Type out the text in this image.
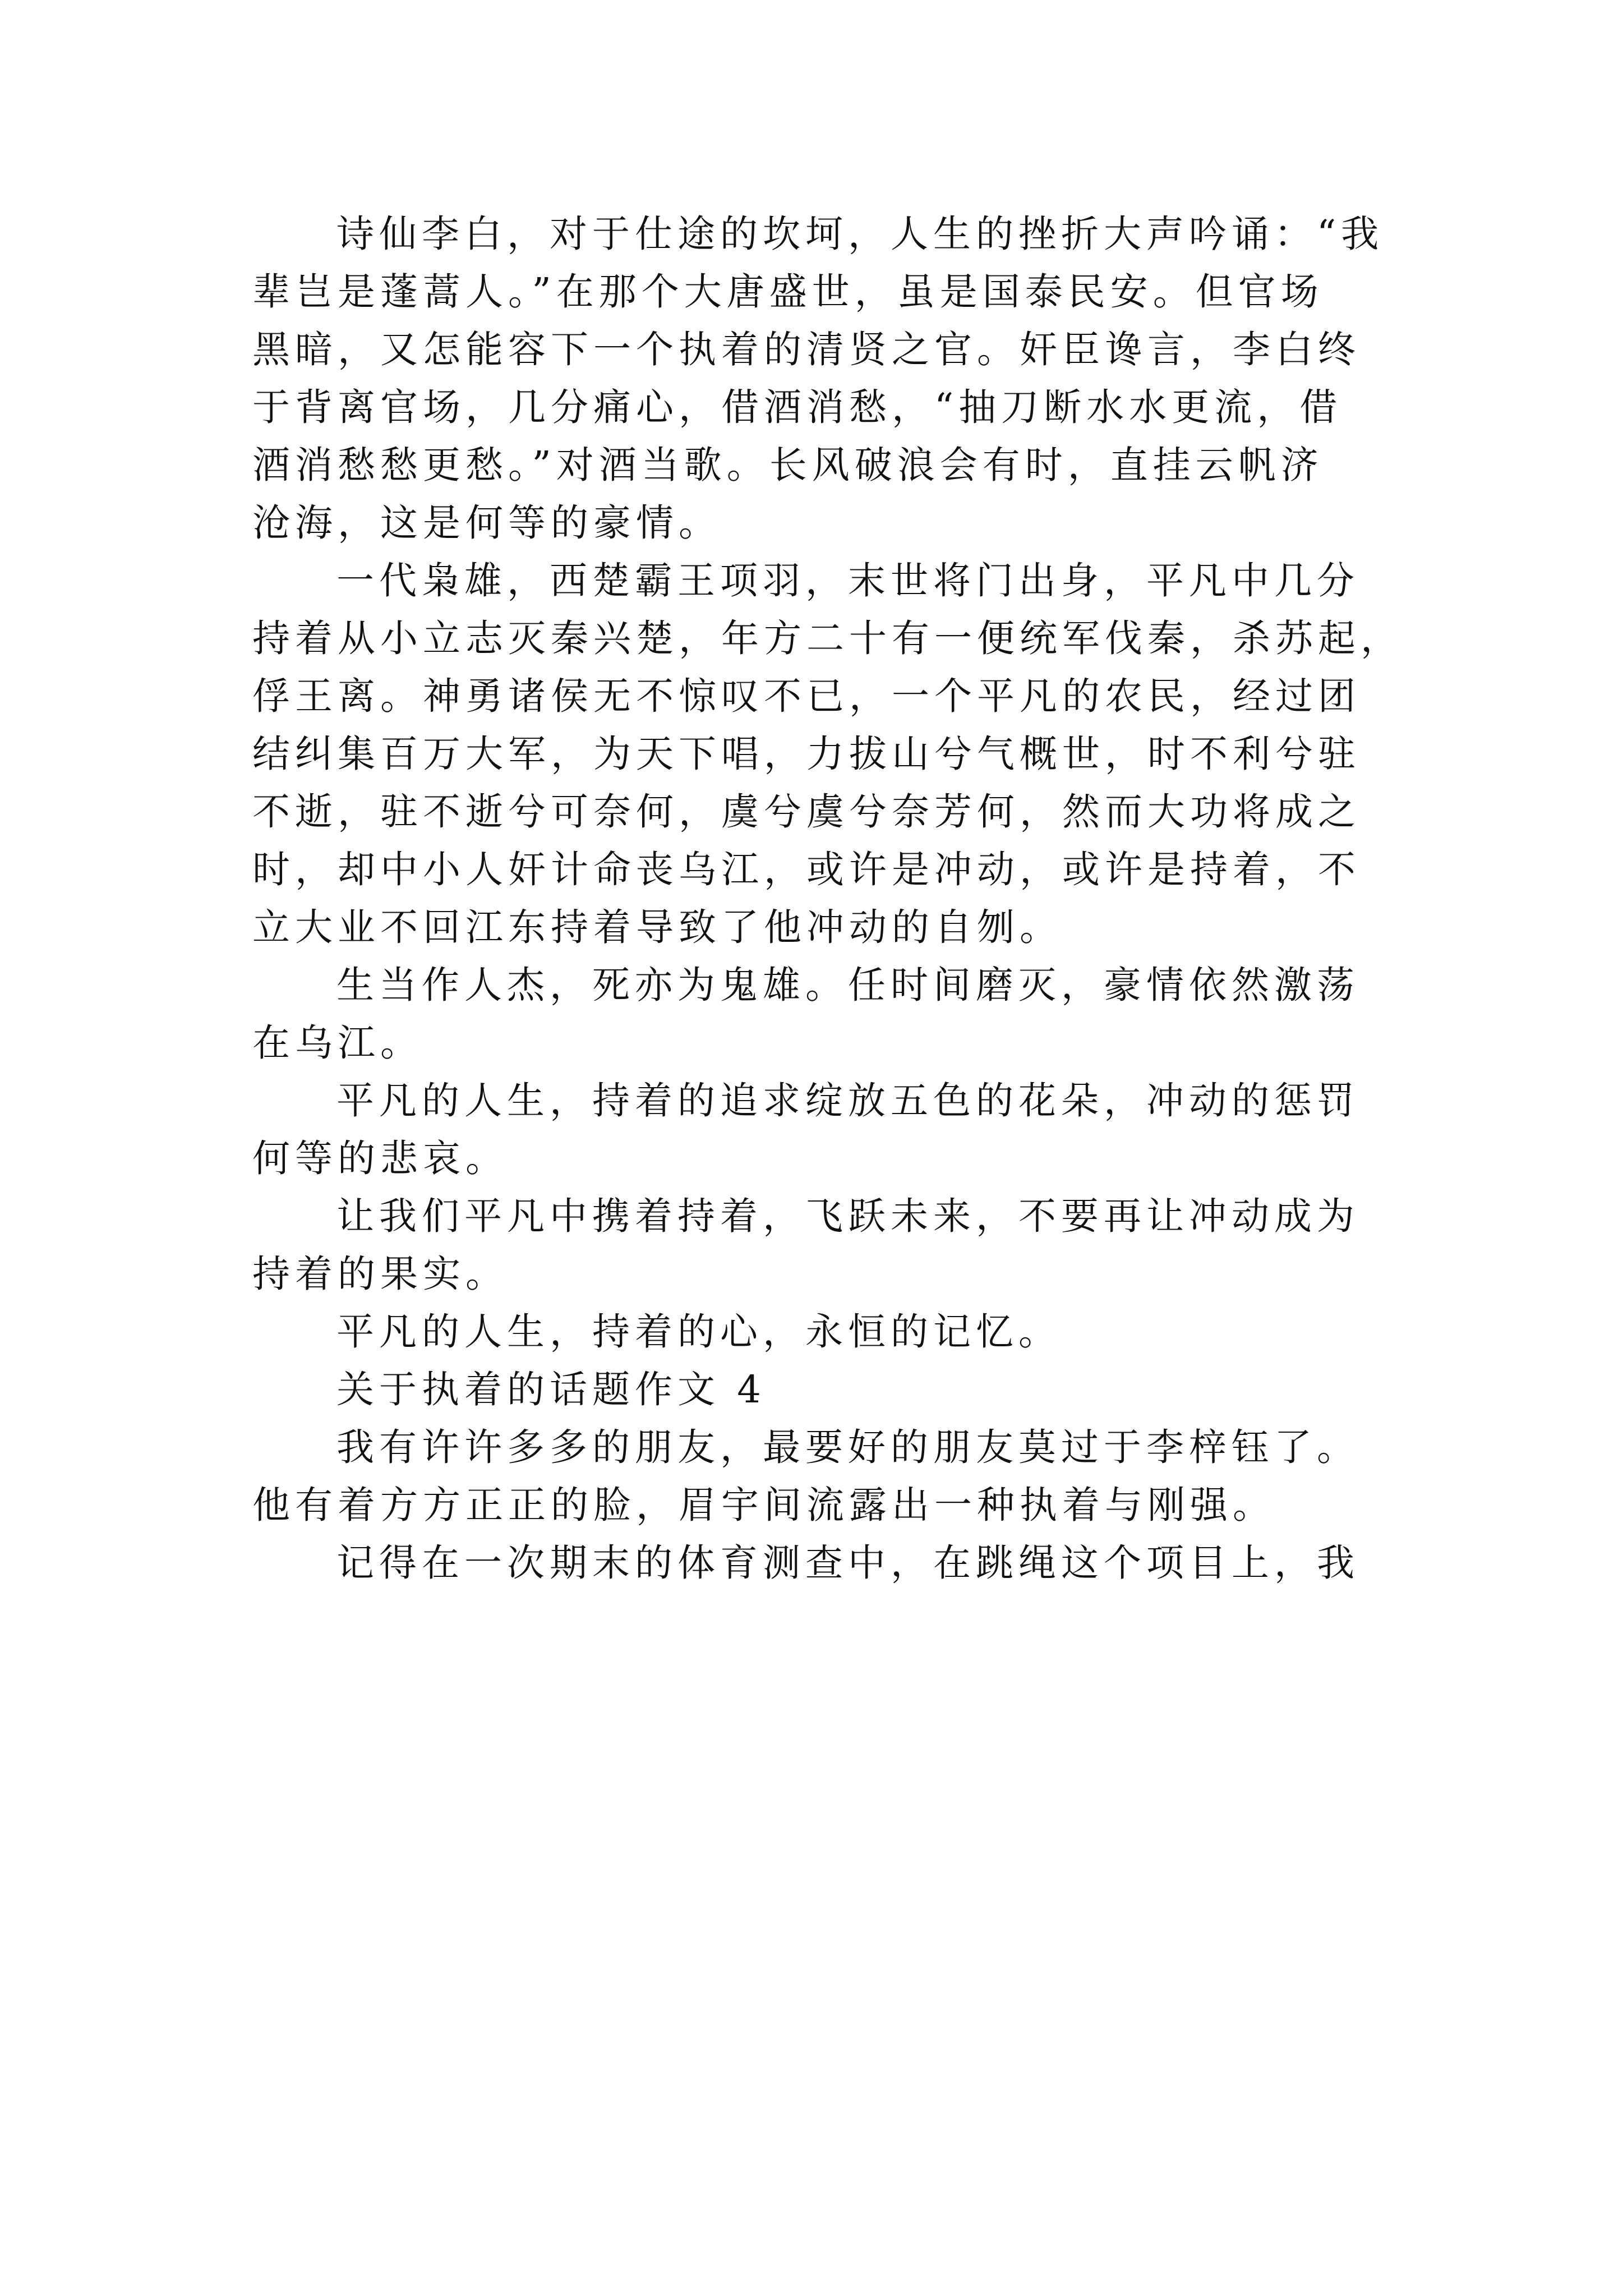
诗仙李白，对于仕途的坎坷，人生的挫折大声吟诵：“我
辈岂是蓬蒿人。”在那个大唐盛世，虽是国泰民安。但官场
黑暗，又怎能容下一个执着的清贤之官。奸臣谗言，李白终
于背离官场，几分痛心，借酒消愁，“抽刀断水水更流，借
酒消愁愁更愁。”对酒当歌。长风破浪会有时，直挂云帆济
沧海，这是何等的豪情。
一代枭雄，西楚霸王项羽，末世将门出身，平凡中几分
持着从小立志灭秦兴楚，年方二十有一便统军伐秦，杀苏起，
俘王离。神勇诸侯无不惊叹不已，一个平凡的农民，经过团
结纠集百万大军，为天下唱，力拔山兮气概世，时不利兮驻
不逝，驻不逝兮可奈何，虞兮虞兮奈芳何，然而大功将成之
时，却中小人奸计命丧乌江，或许是冲动，或许是持着，不
立大业不回江东持着导致了他冲动的自刎。
生当作人杰，死亦为鬼雄。任时间磨灭，豪情依然激荡
在乌江。
平凡的人生，持着的追求绽放五色的花朵，冲动的惩罚
何等的悲哀。
让我们平凡中携着持着，飞跃未来，不要再让冲动成为
持着的果实。
平凡的人生，持着的心，永恒的记忆。
关于执着的话题作文 4
我有许许多多的朋友，最要好的朋友莫过于李梓钰了。
他有着方方正正的脸，眉宇间流露出一种执着与刚强。
记得在一次期末的体育测查中，在跳绳这个项目上，我
